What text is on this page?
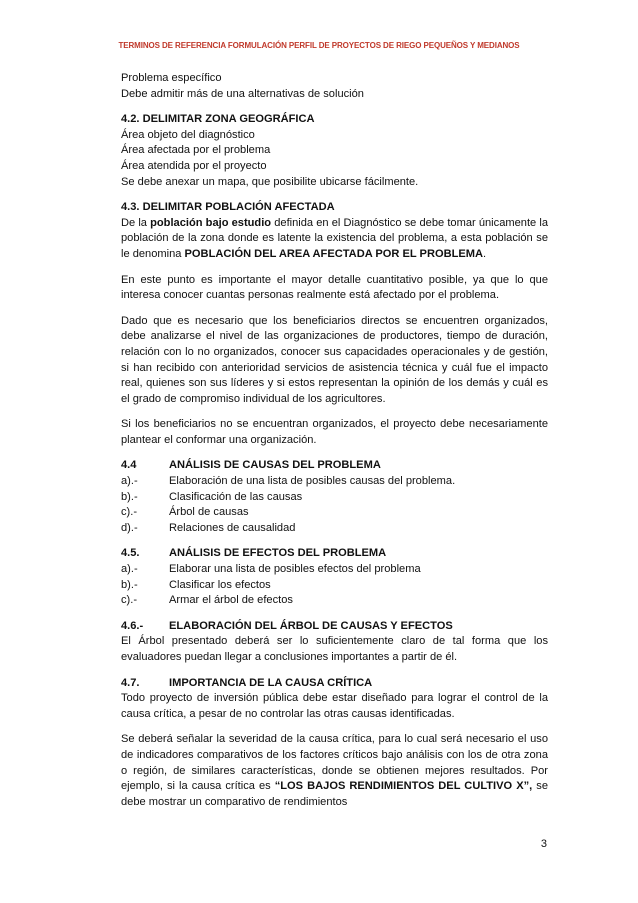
TERMINOS DE REFERENCIA FORMULACIÓN PERFIL DE PROYECTOS DE RIEGO PEQUEÑOS Y MEDIANOS

Problema específico

Debe admitir más de una alternativas de solución

4.2. DELIMITAR ZONA GEOGRÁFICA

Área objeto del diagnóstico

Área afectada por el problema

Área atendida por el proyecto

Se debe anexar un mapa, que posibilite ubicarse fácilmente.

4.3. DELIMITAR POBLACIÓN AFECTADA

De la población bajo estudio definida en el Diagnóstico se debe tomar únicamente la población de la zona donde es latente la existencia del problema, a esta población se le denomina POBLACIÓN DEL AREA AFECTADA POR EL PROBLEMA.

En este punto es importante el mayor detalle cuantitativo posible, ya que lo que interesa conocer cuantas personas realmente está afectado por el problema.

Dado que es necesario que los beneficiarios directos se encuentren organizados, debe analizarse el nivel de las organizaciones de productores, tiempo de duración, relación con lo no organizados, conocer sus capacidades operacionales y de gestión, si han recibido con anterioridad servicios de asistencia técnica y cuál fue el impacto real, quienes son sus líderes y si estos representan la opinión de los demás y cuál es el grado de compromiso individual de los agricultores.

Si los beneficiarios no se encuentran organizados, el proyecto debe necesariamente plantear el conformar una organización.

4.4	ANÁLISIS DE CAUSAS DEL PROBLEMA
a).-	Elaboración de una lista de posibles causas del problema.
b).-	Clasificación de las causas
c).-	Árbol de causas
d).-	Relaciones de causalidad
4.5.	ANÁLISIS DE EFECTOS DEL PROBLEMA
a).-	Elaborar una lista de posibles efectos del problema
b).-	Clasificar los efectos
c).-	Armar el árbol de efectos
4.6.-	ELABORACIÓN DEL ÁRBOL DE CAUSAS Y EFECTOS

El Árbol presentado deberá ser lo suficientemente claro de tal forma que los evaluadores puedan llegar a conclusiones importantes a partir de él.

4.7.	IMPORTANCIA DE LA CAUSA CRÍTICA

Todo proyecto de inversión pública debe estar diseñado para lograr el control de la causa crítica, a pesar de no controlar las otras causas identificadas.

Se deberá señalar la severidad de la causa crítica, para lo cual será necesario el uso de indicadores comparativos de los factores críticos bajo análisis con los de otra zona o región, de similares características, donde se obtienen mejores resultados. Por ejemplo, si la causa crítica es “LOS BAJOS RENDIMIENTOS DEL CULTIVO X”, se debe mostrar un comparativo de rendimientos

3
